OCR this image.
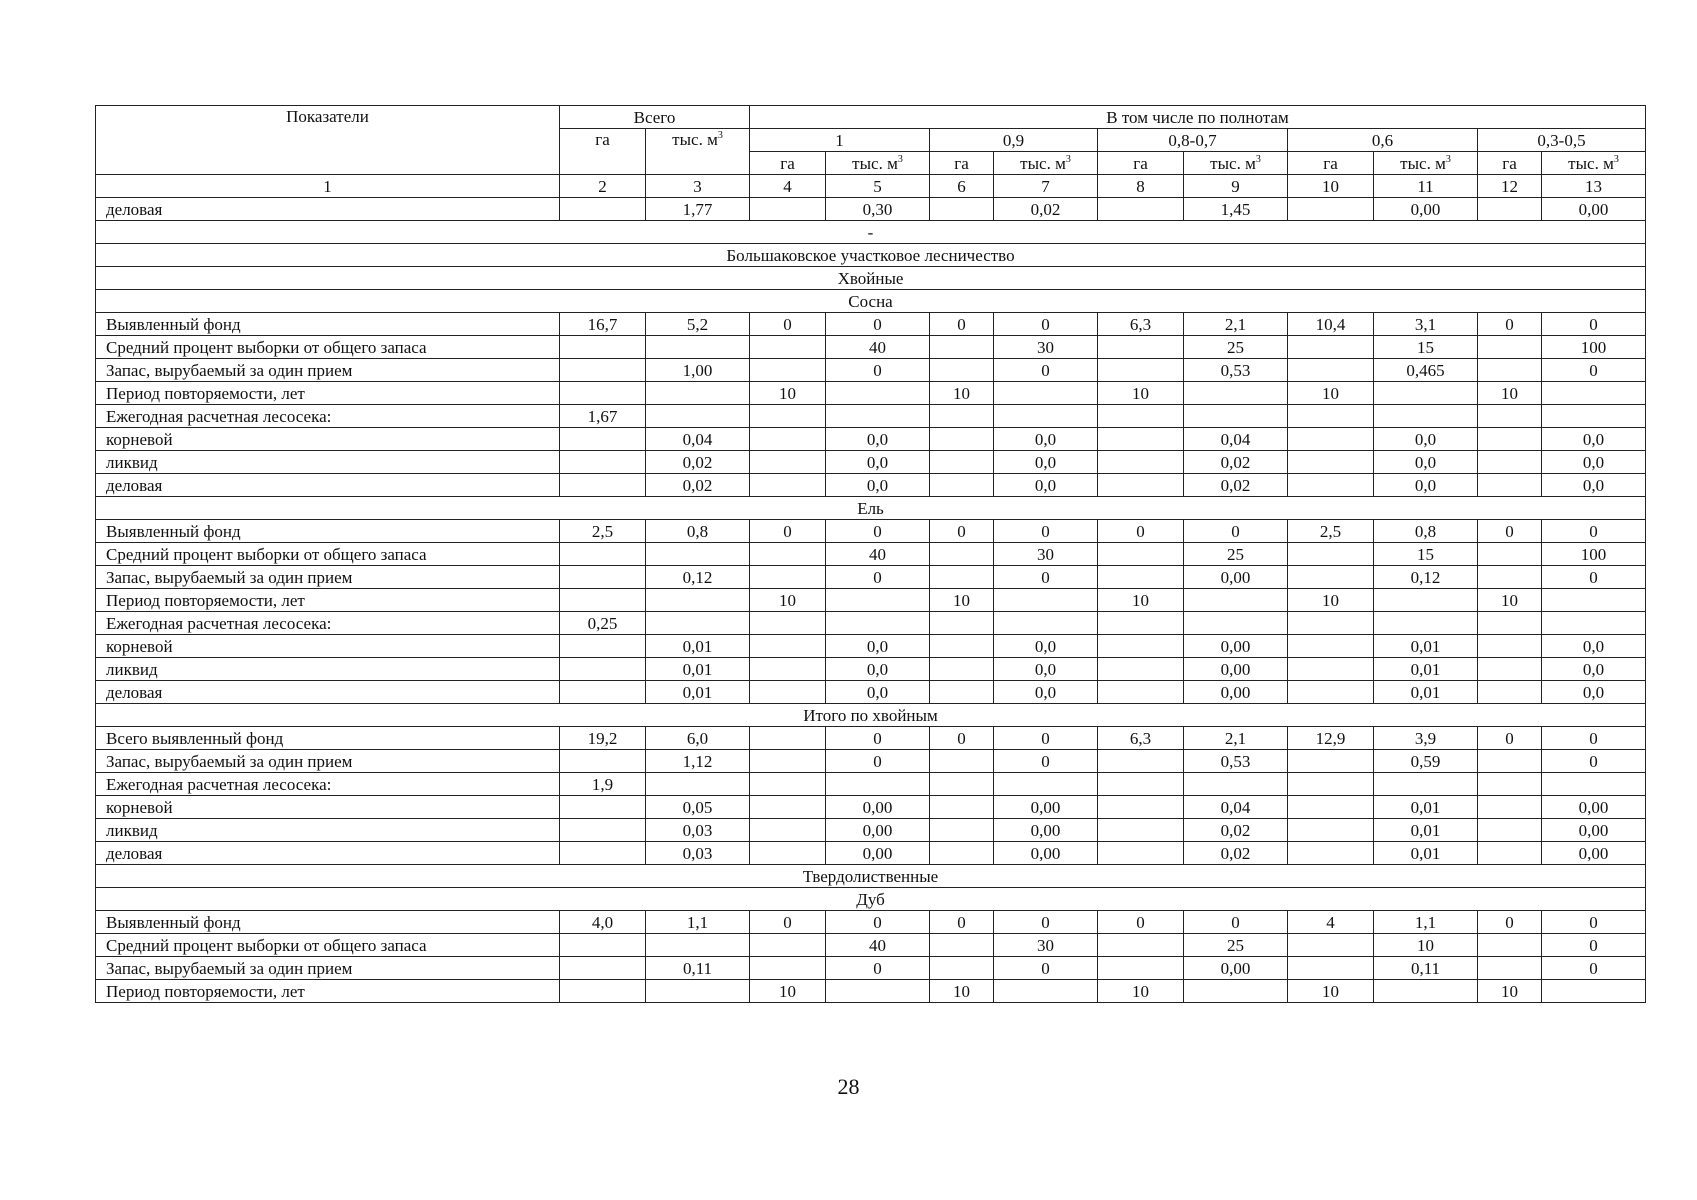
Показатели	Всего		В том числе по полнотам									
	га	тыс. $м^3$	1		0,9		0,8-0,7		0,6		0,3-0,5	
			га	тыс. $м^3$	га	тыс. $м^3$	га	тыс. $м^3$	га	тыс. $м^3$	га	тыс. $м^3$
1	2	3	4	5	6	7	8	9	10	11	12	13
деловая		1,77		0,30		0,02		1,45		0,00		0,00
-												
Большаковское участковое лесничество												
Хвойные												
Сосна												
Выявленный фонд	16,7	5,2	0	0	0	0	6,3	2,1	10,4	3,1	0	0
Средний процент выборки от общего запаса				40		30		25		15		100
Запас, вырубаемый за один прием		1,00		0		0		0,53		0,465		0
Период повторяемости, лет			10		10		10		10		10	
Ежегодная расчетная лесосека:	1,67											
корневой		0,04		0,0		0,0		0,04		0,0		0,0
ликвид		0,02		0,0		0,0		0,02		0,0		0,0
деловая		0,02		0,0		0,0		0,02		0,0		0,0
Ель												
Выявленный фонд	2,5	0,8	0	0	0	0	0	0	2,5	0,8	0	0
Средний процент выборки от общего запаса				40		30		25		15		100
Запас, вырубаемый за один прием		0,12		0		0		0,00		0,12		0
Период повторяемости, лет			10		10		10		10		10	
Ежегодная расчетная лесосека:	0,25											
корневой		0,01		0,0		0,0		0,00		0,01		0,0
ликвид		0,01		0,0		0,0		0,00		0,01		0,0
деловая		0,01		0,0		0,0		0,00		0,01		0,0
Итого по хвойным												
Всего выявленный фонд	19,2	6,0		0	0	0	6,3	2,1	12,9	3,9	0	0
Запас, вырубаемый за один прием		1,12		0		0		0,53		0,59		0
Ежегодная расчетная лесосека:	1,9											
корневой		0,05		0,00		0,00		0,04		0,01		0,00
ликвид		0,03		0,00		0,00		0,02		0,01		0,00
деловая		0,03		0,00		0,00		0,02		0,01		0,00
Твердолиственные												
Дуб												
Выявленный фонд	4,0	1,1	0	0	0	0	0	0	4	1,1	0	0
Средний процент выборки от общего запаса				40		30		25		10		0
Запас, вырубаемый за один прием		0,11		0		0		0,00		0,11		0
Период повторяемости, лет			10		10		10		10		10	
28
